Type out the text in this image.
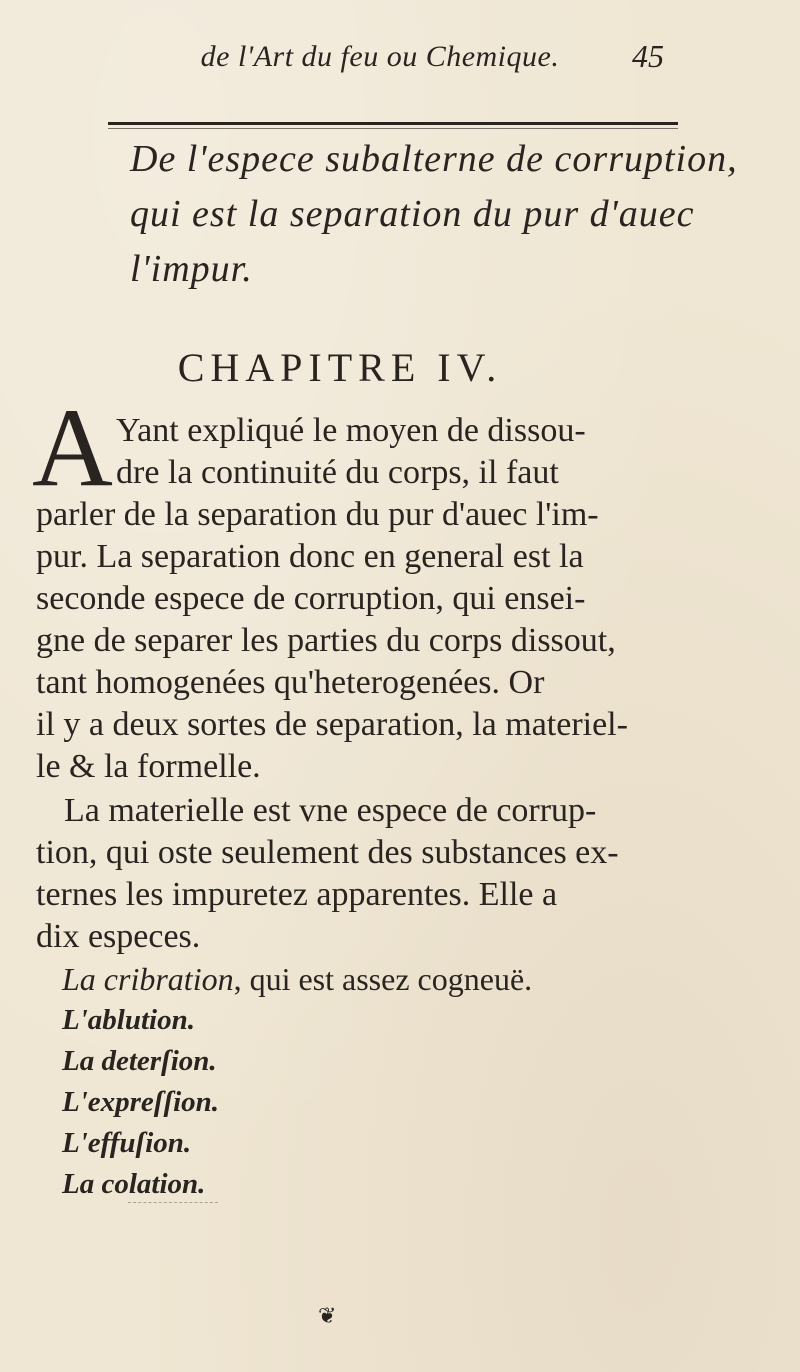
de l'Art du feu ou Chemique.	45
De l'espece subalterne de corruption,
qui est la separation du pur d'auec
l'impur.
CHAPITRE IV.
A Yant expliqué le moyen de dissou-
dre la continuité du corps, il faut
parler de la separation du pur d'auec l'im-
pur. La separation donc en general est la
seconde espece de corruption, qui ensei-
gne de separer les parties du corps dissout,
tant homogenées qu'heterogenées. Or
il y a deux sortes de separation, la materiel-
le & la formelle.
La materielle est vne espece de corrup-
tion, qui oste seulement des substances ex-
ternes les impuretez apparentes. Elle a
dix especes.
La cribration, qui est assez cogneuë.
L'ablution.
La deterſion.
L'expreſſion.
L'effuſion.
La colation.
❦
